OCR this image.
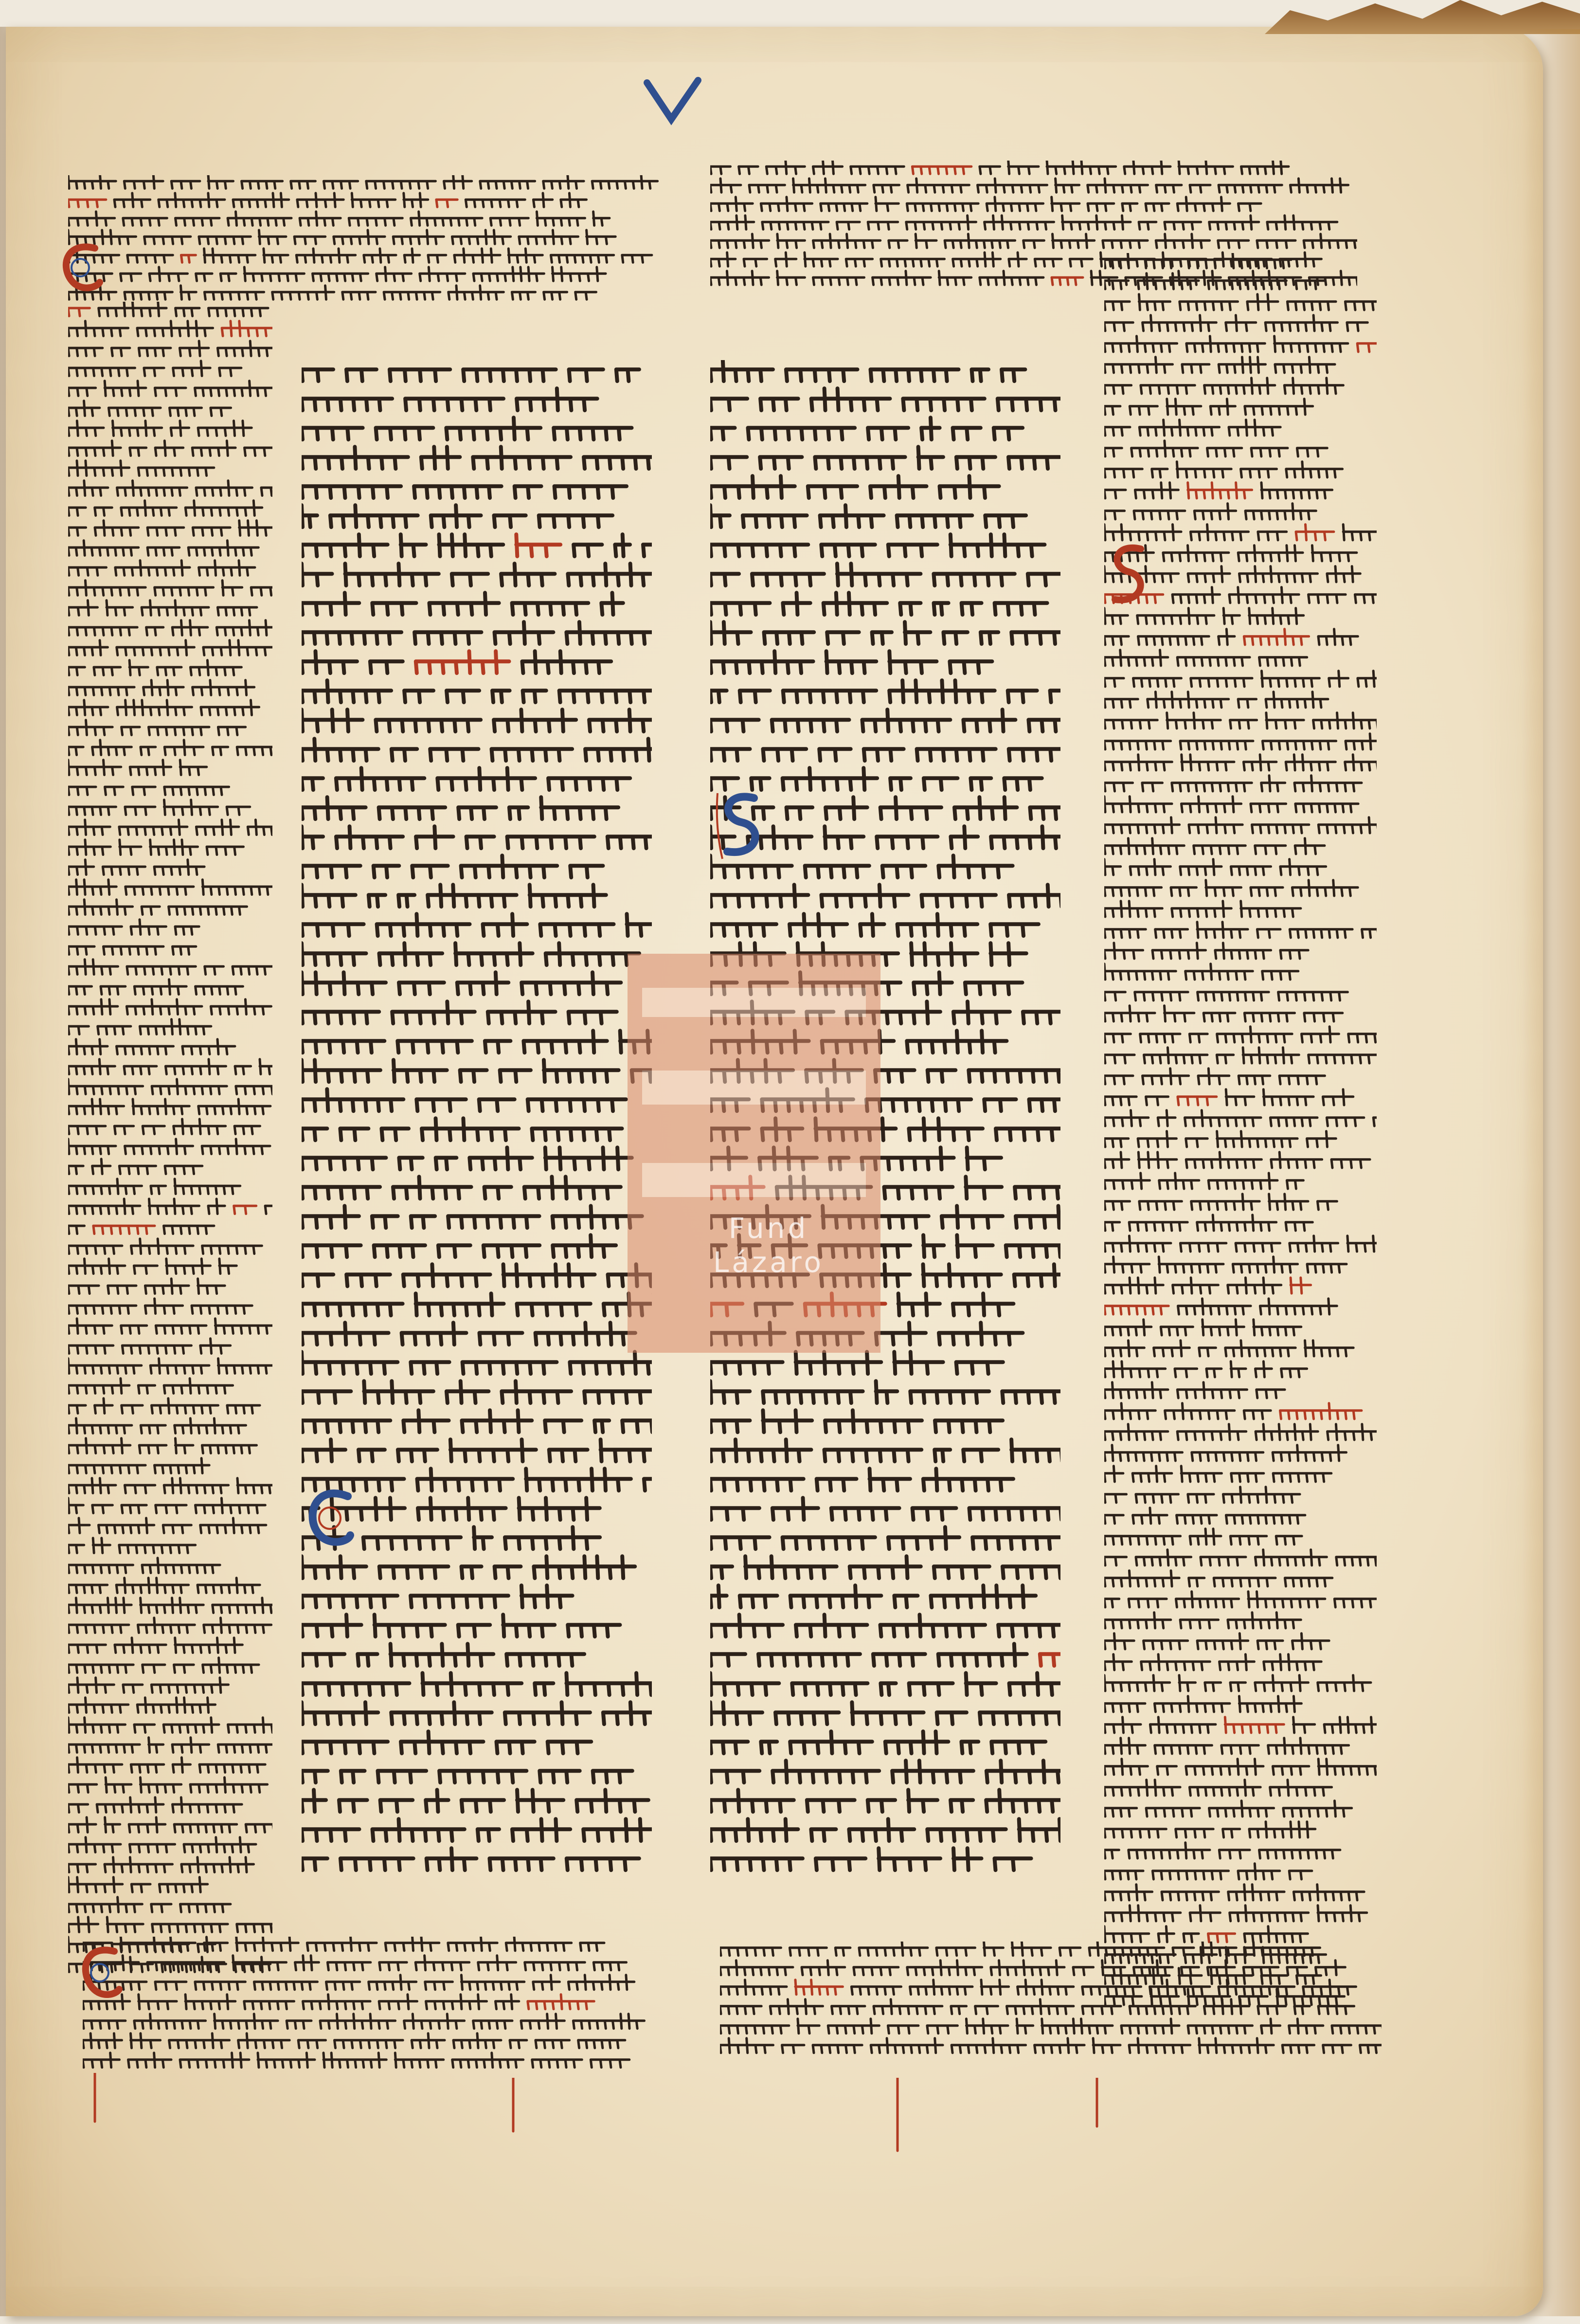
Fund
Lázaro
